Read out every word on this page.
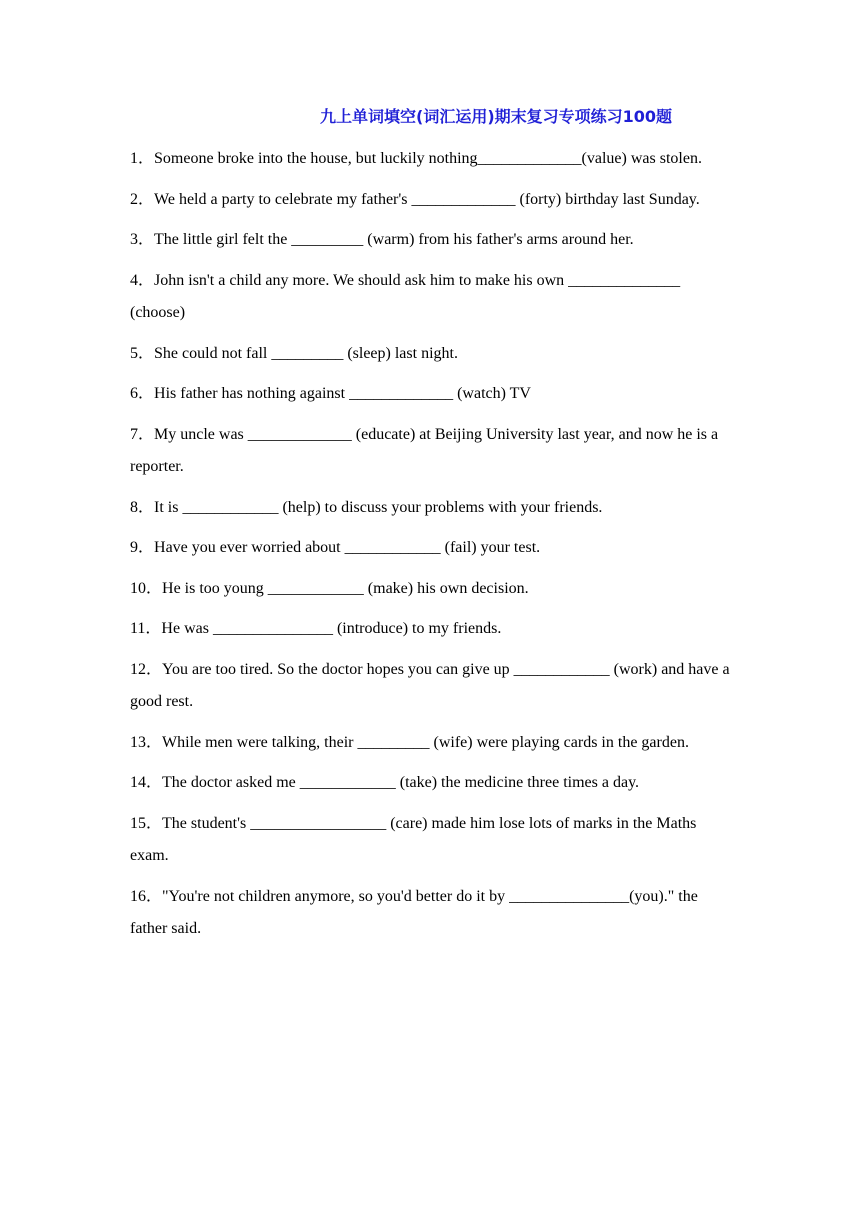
九上单词填空(词汇运用)期末复习专项练习100题

1．Someone broke into the house, but luckily nothing_____________(value) was stolen.

2．We held a party to celebrate my father's _____________ (forty) birthday last Sunday.

3．The little girl felt the _________ (warm) from his father's arms around her.

4．John isn't a child any more. We should ask him to make his own ______________ (choose)

5．She could not fall _________ (sleep) last night.

6．His father has nothing against _____________ (watch) TV

7．My uncle was _____________ (educate) at Beijing University last year, and now he is a reporter.

8．It is ____________ (help) to discuss your problems with your friends.

9．Have you ever worried about ____________ (fail) your test.

10．He is too young ____________ (make) his own decision.

11．He was _______________ (introduce) to my friends.

12．You are too tired. So the doctor hopes you can give up ____________ (work) and have a good rest.

13．While men were talking, their _________ (wife) were playing cards in the garden.

14．The doctor asked me ____________ (take) the medicine three times a day.

15．The student's _________________ (care) made him lose lots of marks in the Maths exam.

16．"You're not children anymore, so you'd better do it by _______________(you)." the father said.
